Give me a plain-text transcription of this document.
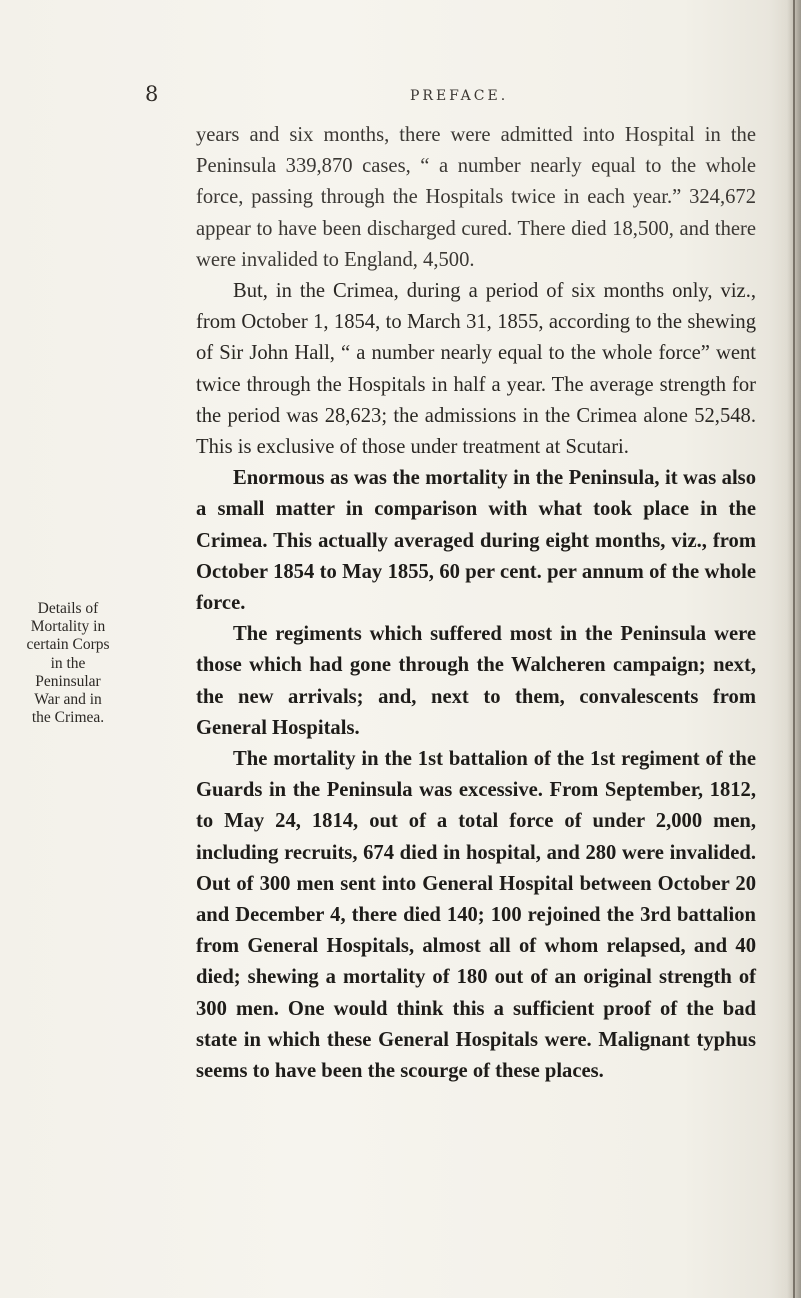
8	PREFACE.
Details of
Mortality in
certain Corps
in the
Peninsular
War and in
the Crimea.

years and six months, there were admitted into Hospital in the Peninsula 339,870 cases, “ a number nearly equal to the whole force, passing through the Hospitals twice in each year.” 324,672 appear to have been discharged cured. There died 18,500, and there were invalided to England, 4,500.

But, in the Crimea, during a period of six months only, viz., from October 1, 1854, to March 31, 1855, according to the shewing of Sir John Hall, “ a number nearly equal to the whole force” went twice through the Hospitals in half a year. The average strength for the period was 28,623; the admissions in the Crimea alone 52,548. This is exclusive of those under treatment at Scutari.

Enormous as was the mortality in the Peninsula, it was also a small matter in comparison with what took place in the Crimea. This actually averaged during eight months, viz., from October 1854 to May 1855, 60 per cent. per annum of the whole force.

The regiments which suffered most in the Peninsula were those which had gone through the Walcheren campaign; next, the new arrivals; and, next to them, convalescents from General Hospitals.

The mortality in the 1st battalion of the 1st regiment of the Guards in the Peninsula was excessive. From September, 1812, to May 24, 1814, out of a total force of under 2,000 men, including recruits, 674 died in hospital, and 280 were invalided. Out of 300 men sent into General Hospital between October 20 and December 4, there died 140; 100 rejoined the 3rd battalion from General Hospitals, almost all of whom relapsed, and 40 died; shewing a mortality of 180 out of an original strength of 300 men. One would think this a sufficient proof of the bad state in which these General Hospitals were. Malignant typhus seems to have been the scourge of these places.
